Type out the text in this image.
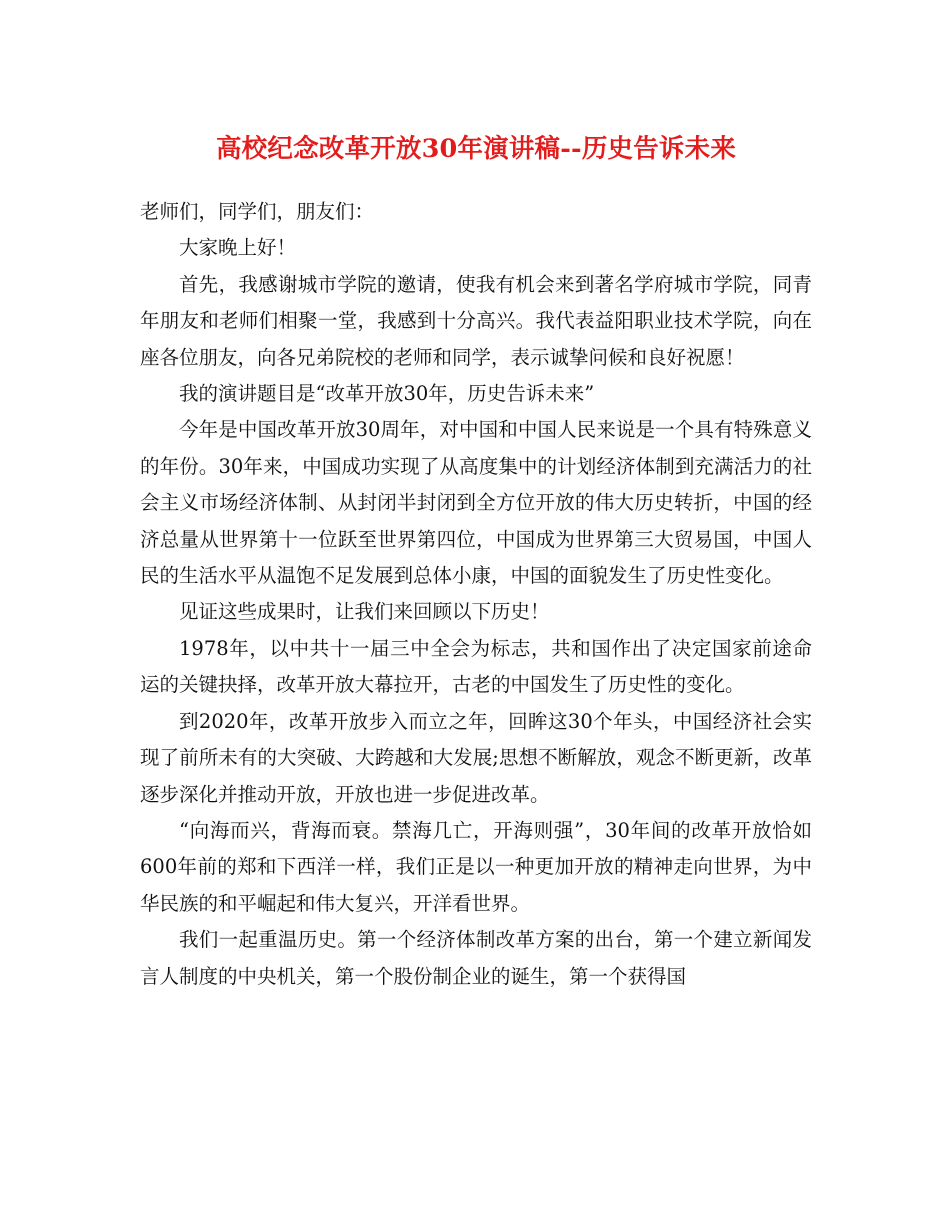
高校纪念改革开放30年演讲稿--历史告诉未来

老师们，同学们，朋友们：

大家晚上好！

首先，我感谢城市学院的邀请，使我有机会来到著名学府城市学院，同青年朋友和老师们相聚一堂，我感到十分高兴。我代表益阳职业技术学院，向在座各位朋友，向各兄弟院校的老师和同学，表示诚挚问候和良好祝愿！

我的演讲题目是“改革开放30年，历史告诉未来”

今年是中国改革开放30周年，对中国和中国人民来说是一个具有特殊意义的年份。30年来，中国成功实现了从高度集中的计划经济体制到充满活力的社会主义市场经济体制、从封闭半封闭到全方位开放的伟大历史转折，中国的经济总量从世界第十一位跃至世界第四位，中国成为世界第三大贸易国，中国人民的生活水平从温饱不足发展到总体小康，中国的面貌发生了历史性变化。

见证这些成果时，让我们来回顾以下历史！

1978年，以中共十一届三中全会为标志，共和国作出了决定国家前途命运的关键抉择，改革开放大幕拉开，古老的中国发生了历史性的变化。

到2020年，改革开放步入而立之年，回眸这30个年头，中国经济社会实现了前所未有的大突破、大跨越和大发展;思想不断解放，观念不断更新，改革逐步深化并推动开放，开放也进一步促进改革。

“向海而兴，背海而衰。禁海几亡，开海则强”，30年间的改革开放恰如600年前的郑和下西洋一样，我们正是以一种更加开放的精神走向世界，为中华民族的和平崛起和伟大复兴，开洋看世界。

我们一起重温历史。第一个经济体制改革方案的出台，第一个建立新闻发言人制度的中央机关，第一个股份制企业的诞生，第一个获得国
